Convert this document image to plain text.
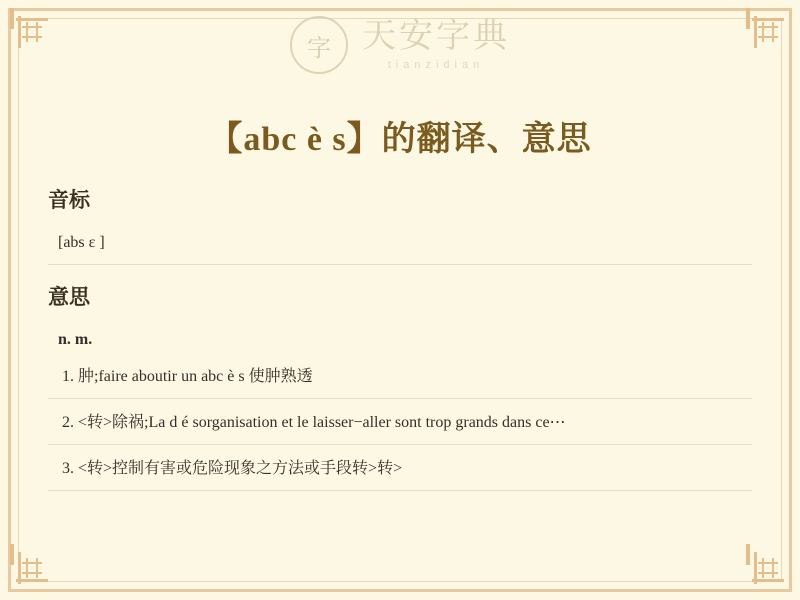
字 天安字典
tianzidian
【abc è s】的翻译、意思
音标
[abs ɛ ]
意思
n. m.
1. 肿;faire aboutir un abc è s 使肿熟透
2. <转>除祸;La d é sorganisation et le laisser−aller sont trop grands dans ce⋯
3. <转>控制有害或危险现象之方法或手段转>转>
